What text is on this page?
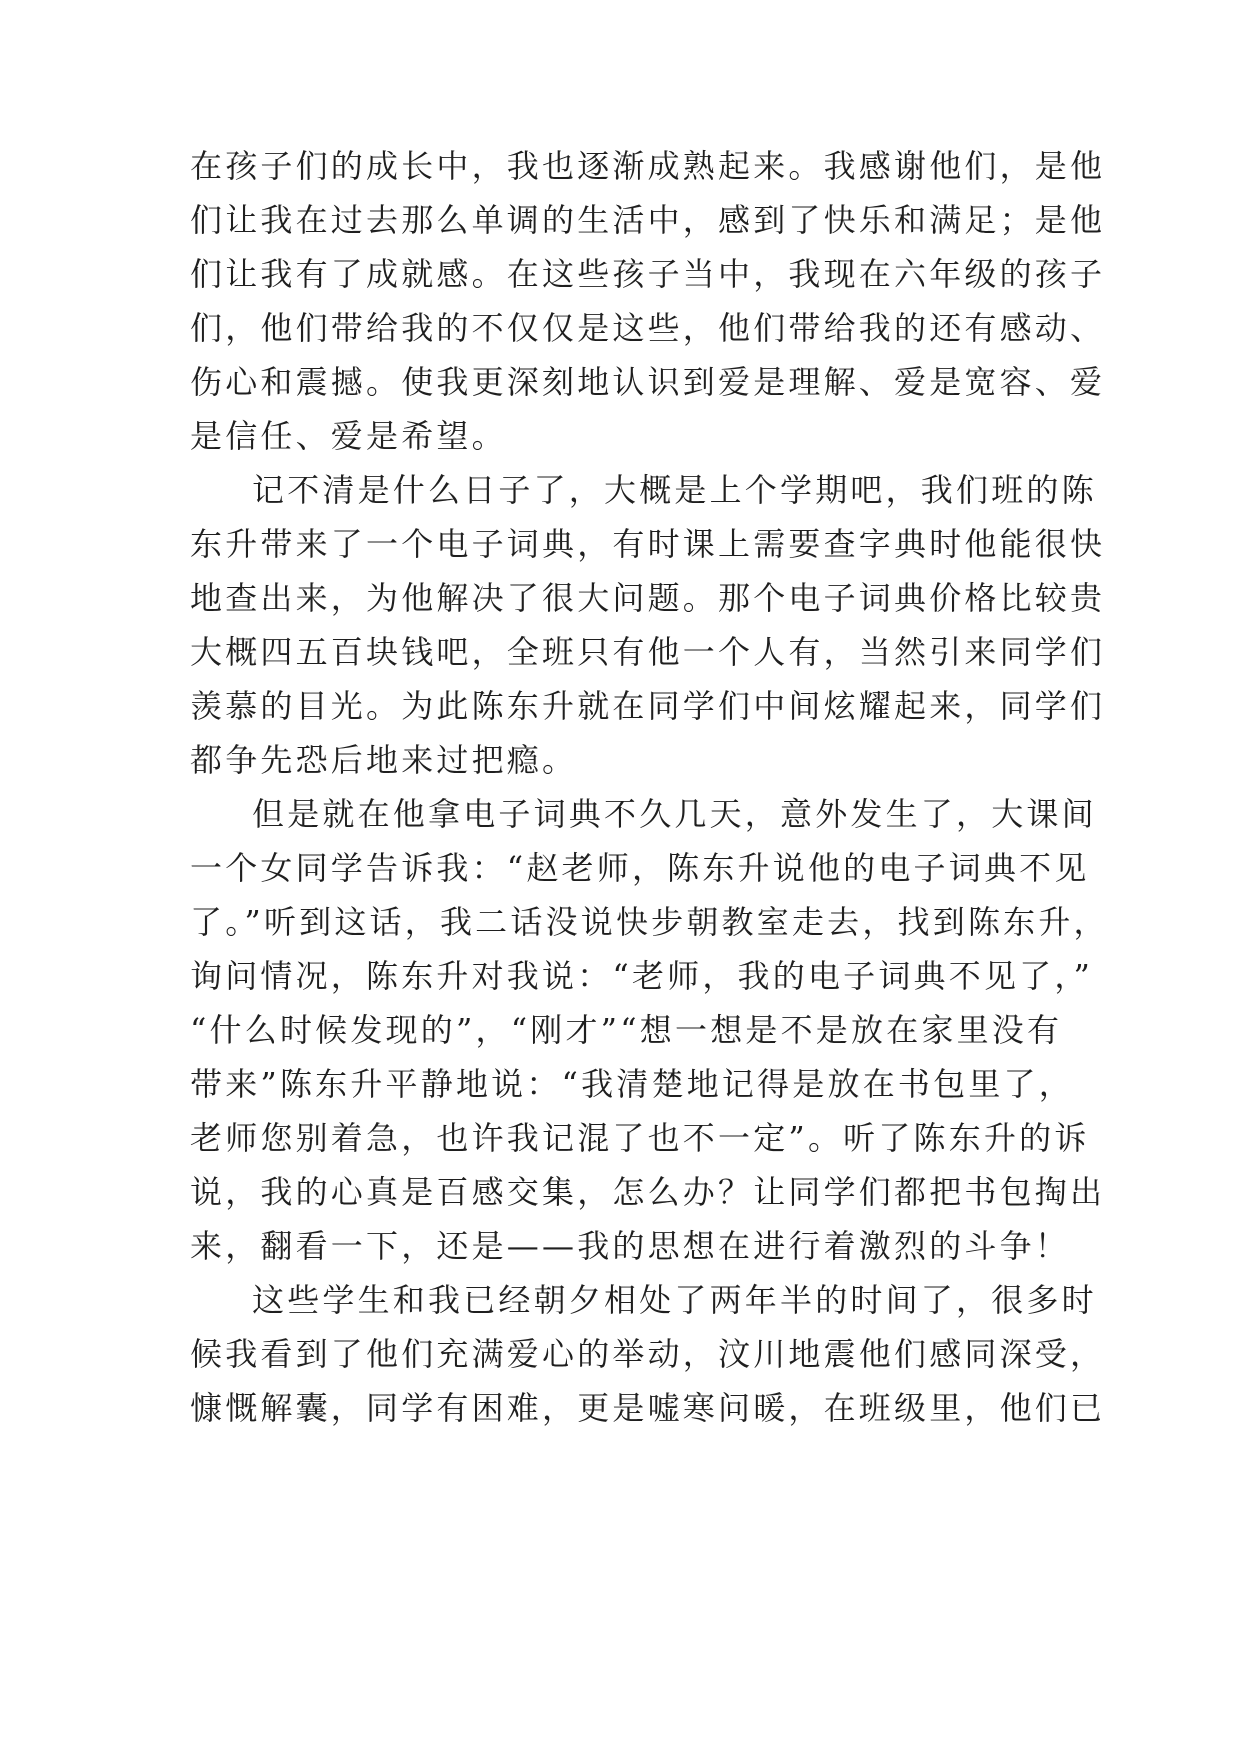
在孩子们的成长中，我也逐渐成熟起来。我感谢他们，是他
们让我在过去那么单调的生活中，感到了快乐和满足；是他
们让我有了成就感。在这些孩子当中，我现在六年级的孩子
们，他们带给我的不仅仅是这些，他们带给我的还有感动、
伤心和震撼。使我更深刻地认识到爱是理解、爱是宽容、爱
是信任、爱是希望。
记不清是什么日子了，大概是上个学期吧，我们班的陈
东升带来了一个电子词典，有时课上需要查字典时他能很快
地查出来，为他解决了很大问题。那个电子词典价格比较贵
大概四五百块钱吧，全班只有他一个人有，当然引来同学们
羡慕的目光。为此陈东升就在同学们中间炫耀起来，同学们
都争先恐后地来过把瘾。
但是就在他拿电子词典不久几天，意外发生了，大课间
一个女同学告诉我：“赵老师，陈东升说他的电子词典不见
了。”听到这话，我二话没说快步朝教室走去，找到陈东升，
询问情况，陈东升对我说：“老师，我的电子词典不见了，”
“什么时候发现的”，“刚才”“想一想是不是放在家里没有
带来”陈东升平静地说：“我清楚地记得是放在书包里了，
老师您别着急，也许我记混了也不一定”。听了陈东升的诉
说，我的心真是百感交集，怎么办？让同学们都把书包掏出
来，翻看一下，还是——我的思想在进行着激烈的斗争！
这些学生和我已经朝夕相处了两年半的时间了，很多时
候我看到了他们充满爱心的举动，汶川地震他们感同深受，
慷慨解囊，同学有困难，更是嘘寒问暖，在班级里，他们已
